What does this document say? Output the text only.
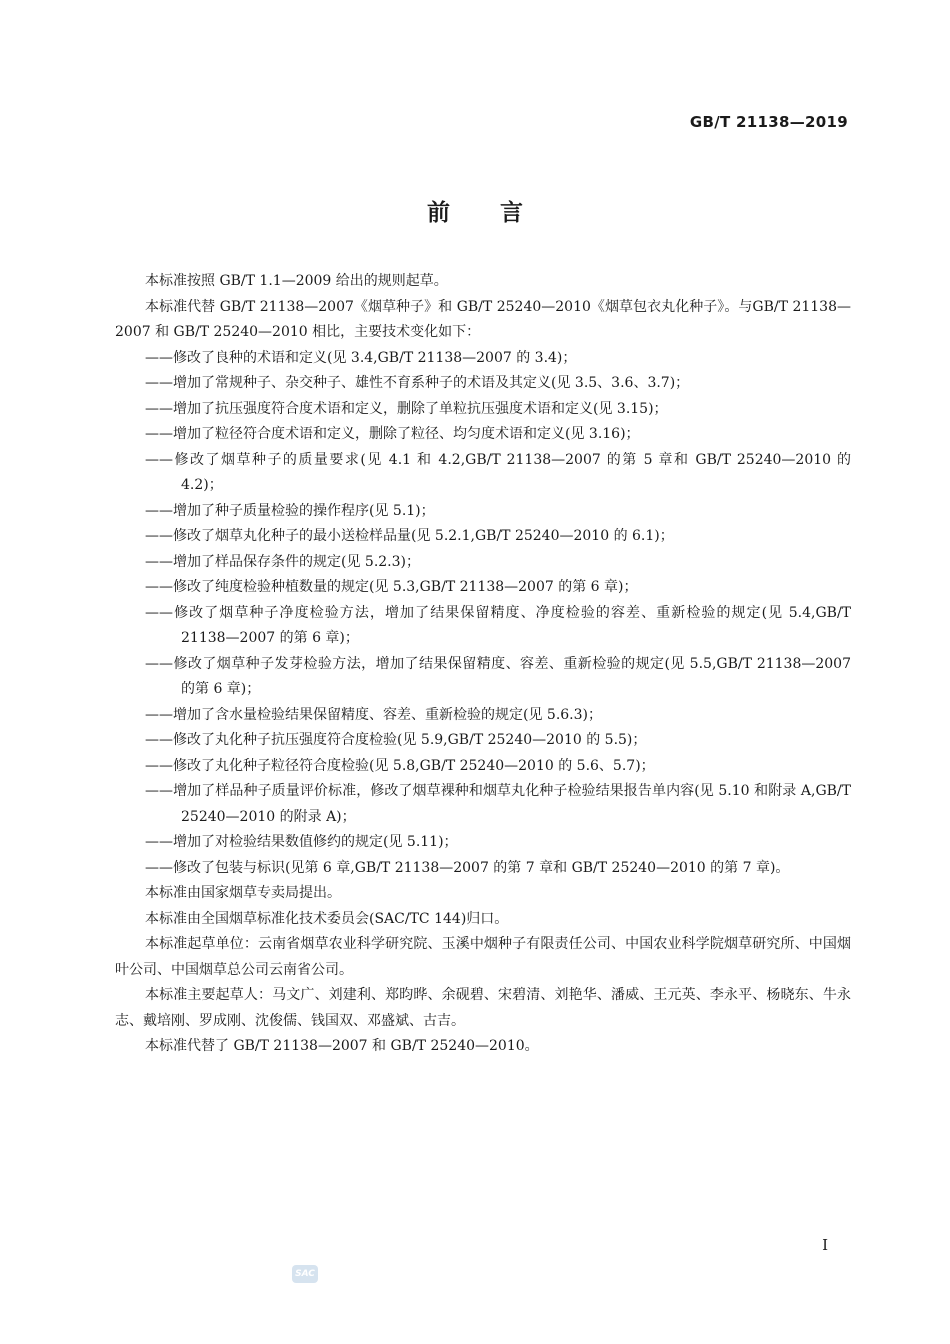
GB/T 21138—2019
前言

本标准按照 GB/T 1.1—2009 给出的规则起草。

本标准代替 GB/T 21138—2007《烟草种子》和 GB/T 25240—2010《烟草包衣丸化种子》。与GB/T 21138—2007 和 GB/T 25240—2010 相比，主要技术变化如下：

——修改了良种的术语和定义(见 3.4,GB/T 21138—2007 的 3.4)；

——增加了常规种子、杂交种子、雄性不育系种子的术语及其定义(见 3.5、3.6、3.7)；

——增加了抗压强度符合度术语和定义，删除了单粒抗压强度术语和定义(见 3.15)；

——增加了粒径符合度术语和定义，删除了粒径、均匀度术语和定义(见 3.16)；

——修改了烟草种子的质量要求(见 4.1 和 4.2,GB/T 21138—2007 的第 5 章和 GB/T 25240—2010 的 4.2)；

——增加了种子质量检验的操作程序(见 5.1)；

——修改了烟草丸化种子的最小送检样品量(见 5.2.1,GB/T 25240—2010 的 6.1)；

——增加了样品保存条件的规定(见 5.2.3)；

——修改了纯度检验种植数量的规定(见 5.3,GB/T 21138—2007 的第 6 章)；

——修改了烟草种子净度检验方法，增加了结果保留精度、净度检验的容差、重新检验的规定(见 5.4,GB/T 21138—2007 的第 6 章)；

——修改了烟草种子发芽检验方法，增加了结果保留精度、容差、重新检验的规定(见 5.5,GB/T 21138—2007 的第 6 章)；

——增加了含水量检验结果保留精度、容差、重新检验的规定(见 5.6.3)；

——修改了丸化种子抗压强度符合度检验(见 5.9,GB/T 25240—2010 的 5.5)；

——修改了丸化种子粒径符合度检验(见 5.8,GB/T 25240—2010 的 5.6、5.7)；

——增加了样品种子质量评价标准，修改了烟草裸种和烟草丸化种子检验结果报告单内容(见 5.10 和附录 A,GB/T 25240—2010 的附录 A)；

——增加了对检验结果数值修约的规定(见 5.11)；

——修改了包装与标识(见第 6 章,GB/T 21138—2007 的第 7 章和 GB/T 25240—2010 的第 7 章)。

本标准由国家烟草专卖局提出。

本标准由全国烟草标准化技术委员会(SAC/TC 144)归口。

本标准起草单位：云南省烟草农业科学研究院、玉溪中烟种子有限责任公司、中国农业科学院烟草研究所、中国烟叶公司、中国烟草总公司云南省公司。

本标准主要起草人：马文广、刘建利、郑昀晔、余砚碧、宋碧清、刘艳华、潘威、王元英、李永平、杨晓东、牛永志、戴培刚、罗成刚、沈俊儒、钱国双、邓盛斌、古吉。

本标准代替了 GB/T 21138—2007 和 GB/T 25240—2010。

I
SAC
